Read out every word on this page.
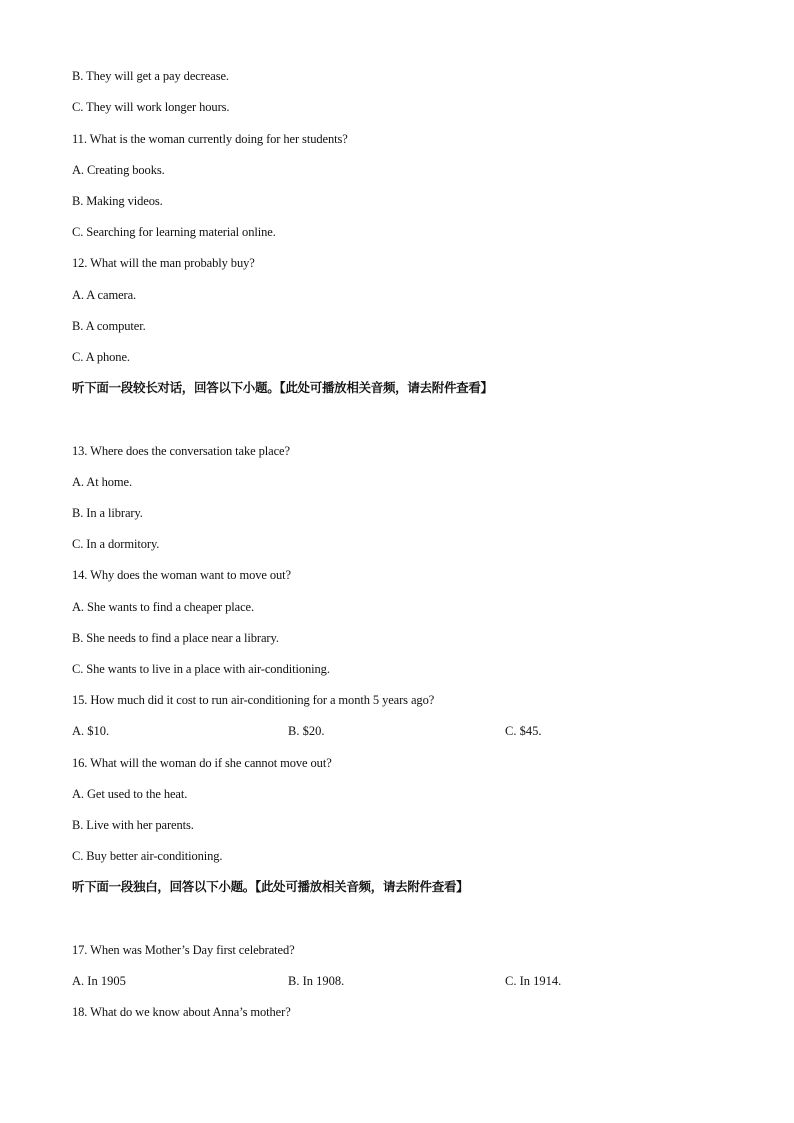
B. They will get a pay decrease.
C. They will work longer hours.
11. What is the woman currently doing for her students?
A. Creating books.
B. Making videos.
C. Searching for learning material online.
12. What will the man probably buy?
A. A camera.
B. A computer.
C. A phone.
听下面一段较长对话，回答以下小题。【此处可播放相关音频，请去附件查看】
13. Where does the conversation take place?
A. At home.
B. In a library.
C. In a dormitory.
14. Why does the woman want to move out?
A. She wants to find a cheaper place.
B. She needs to find a place near a library.
C. She wants to live in a place with air-conditioning.
15. How much did it cost to run air-conditioning for a month 5 years ago?
A. $10.	B. $20.	C. $45.
16. What will the woman do if she cannot move out?
A. Get used to the heat.
B. Live with her parents.
C. Buy better air-conditioning.
听下面一段独白，回答以下小题。【此处可播放相关音频，请去附件查看】
17. When was Mother’s Day first celebrated?
A. In 1905	B. In 1908.	C. In 1914.
18. What do we know about Anna’s mother?
